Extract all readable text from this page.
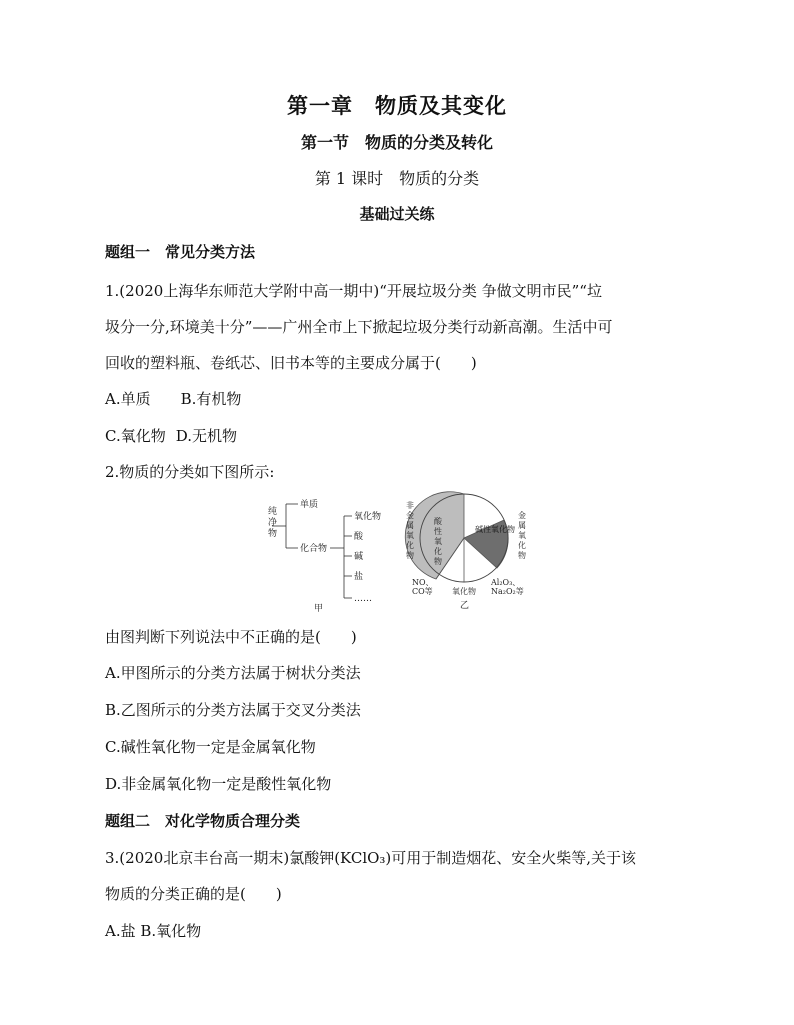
第一章　物质及其变化
第一节　物质的分类及转化
第 1 课时　物质的分类
基础过关练
题组一　常见分类方法
1.(2020上海华东师范大学附中高一期中)“开展垃圾分类 争做文明市民”“垃
圾分一分,环境美十分”——广州全市上下掀起垃圾分类行动新高潮。生活中可
回收的塑料瓶、卷纸芯、旧书本等的主要成分属于(　　)
A.单质 B.有机物
C.氧化物 D.无机物
2.物质的分类如下图所示:
纯净物
单质
化合物
氧化物
酸
碱
盐
……
甲
酸性氧化物
碱性氧化物
非金属氧化物
金属氧化物
NO、
CO等
Al₂O₃、
Na₂O₂等
氧化物
乙
由图判断下列说法中不正确的是(　　)
A.甲图所示的分类方法属于树状分类法
B.乙图所示的分类方法属于交叉分类法
C.碱性氧化物一定是金属氧化物
D.非金属氧化物一定是酸性氧化物
题组二　对化学物质合理分类
3.(2020北京丰台高一期末)氯酸钾(KClO₃)可用于制造烟花、安全火柴等,关于该
物质的分类正确的是(　　)
A.盐 B.氧化物
